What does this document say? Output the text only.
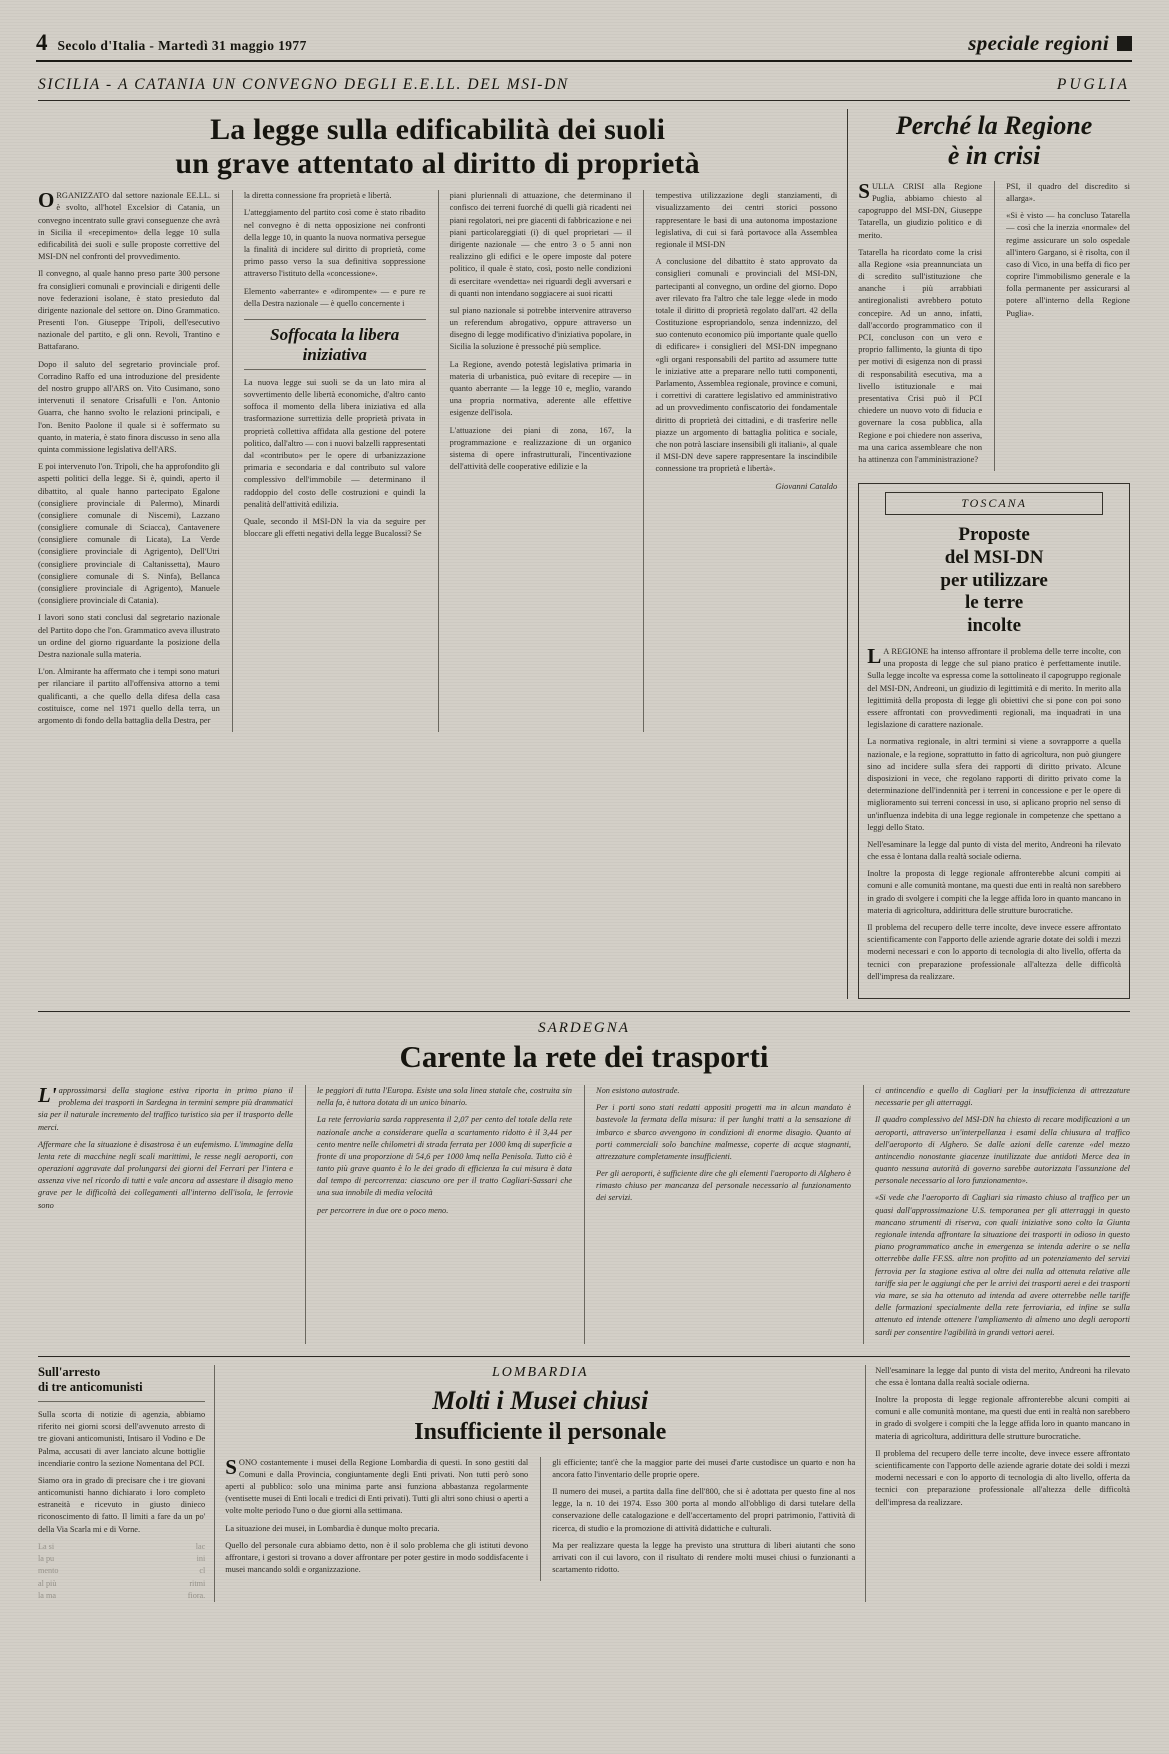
4 Secolo d'Italia - Martedì 31 maggio 1977	speciale regioni
SICILIA - A CATANIA UN CONVEGNO DEGLI E.E.LL. DEL MSI-DN	PUGLIA
La legge sulla edificabilità dei suoli
un grave attentato al diritto di proprietà

ORGANIZZATO dal settore nazionale EE.LL. si è svolto, all'hotel Excelsior di Catania, un convegno incentrato sulle gravi conseguenze che avrà in Sicilia il «recepimento» della legge 10 sulla edificabilità dei suoli e sulle proposte correttive del MSI-DN nel confronti del provvedimento.

Il convegno, al quale hanno preso parte 300 persone fra consiglieri comunali e provinciali e dirigenti delle nove federazioni isolane, è stato presieduto dal dirigente nazionale del settore on. Dino Grammatico. Presenti l'on. Giuseppe Tripoli, dell'esecutivo nazionale del partito, e gli onn. Revoli, Trantino e Battafarano.

Dopo il saluto del segretario provinciale prof. Corradino Raffo ed una introduzione del presidente del nostro gruppo all'ARS on. Vito Cusimano, sono intervenuti il senatore Crisafulli e l'on. Antonio Guarra, che hanno svolto le relazioni principali, e l'on. Benito Paolone il quale si è soffermato su quanto, in materia, è stato finora discusso in seno alla quinta commissione legislativa dell'ARS.

E poi intervenuto l'on. Tripoli, che ha approfondito gli aspetti politici della legge. Si è, quindi, aperto il dibattito, al quale hanno partecipato Egalone (consigliere provinciale di Palermo), Minardi (consigliere comunale di Niscemi), Lazzano (consigliere comunale di Sciacca), Cantavenere (consigliere comunale di Licata), La Verde (consigliere provinciale di Agrigento), Dell'Utri (consigliere provinciale di Caltanissetta), Mauro (consigliere comunale di S. Ninfa), Bellanca (consigliere provinciale di Agrigento), Manuele (consigliere provinciale di Catania).

I lavori sono stati conclusi dal segretario nazionale del Partito dopo che l'on. Grammatico aveva illustrato un ordine del giorno riguardante la posizione della Destra nazionale sulla materia.

L'on. Almirante ha affermato che i tempi sono maturi per rilanciare il partito all'offensiva attorno a temi qualificanti, a che quello della difesa della casa costituisce, come nel 1971 quello della terra, un argomento di fondo della battaglia della Destra, per

la diretta connessione fra proprietà e libertà.

L'atteggiamento del partito così come è stato ribadito nel convegno è di netta opposizione nei confronti della legge 10, in quanto la nuova normativa persegue la finalità di incidere sul diritto di proprietà, come primo passo verso la sua definitiva soppressione attraverso l'istituto della «concessione».

Elemento «aberrante» e «dirompente» — e pure re della Destra nazionale — è quello concernente i

Soffocata la libera iniziativa

La nuova legge sui suoli se da un lato mira al sovvertimento delle libertà economiche, d'altro canto soffoca il momento della libera iniziativa ed alla trasformazione surrettizia delle proprietà privata in proprietà collettiva affidata alla gestione del potere politico, dall'altro — con i nuovi balzelli rappresentati dal «contributo» per le opere di urbanizzazione primaria e secondaria e dal contributo sul valore complessivo dell'immobile — determinano il raddoppio del costo delle costruzioni e quindi la penalità dell'attività edilizia.

Quale, secondo il MSI-DN la via da seguire per bloccare gli effetti negativi della legge Bucalossi? Se

piani pluriennali di attuazione, che determinano il confisco dei terreni fuorché di quelli già ricadenti nei piani regolatori, nei pre giacenti di fabbricazione e nei piani particolareggiati (i) di quel proprietari — il dirigente nazionale — che entro 3 o 5 anni non realizzino gli edifici e le opere imposte dal potere politico, il quale è stato, così, posto nelle condizioni di esercitare «vendetta» nei riguardi degli avversari e di quanti non intendano soggiacere ai suoi ricatti

sul piano nazionale si potrebbe intervenire attraverso un referendum abrogativo, oppure attraverso un disegno di legge modificativo d'iniziativa popolare, in Sicilia la soluzione è pressoché più semplice.

La Regione, avendo potestà legislativa primaria in materia di urbanistica, può evitare di recepire — in quanto aberrante — la legge 10 e, meglio, varando una propria normativa, aderente alle effettive esigenze dell'isola.

L'attuazione dei piani di zona, 167, la programmazione e realizzazione di un organico sistema di opere infrastrutturali, l'incentivazione dell'attività delle cooperative edilizie e la

tempestiva utilizzazione degli stanziamenti, di visualizzamento dei centri storici possono rappresentare le basi di una autonoma impostazione legislativa, di cui si farà portavoce alla Assemblea regionale il MSI-DN

A conclusione del dibattito è stato approvato da consiglieri comunali e provinciali del MSI-DN, partecipanti al convegno, un ordine del giorno. Dopo aver rilevato fra l'altro che tale legge «lede in modo totale il diritto di proprietà regolato dall'art. 42 della Costituzione espropriandolo, senza indennizzo, del suo contenuto economico più importante quale quello di edificare» i consiglieri del MSI-DN impegnano «gli organi responsabili del partito ad assumere tutte le iniziative atte a preparare nello tutti componenti, Parlamento, Assemblea regionale, province e comuni, i correttivi di carattere legislativo ed amministrativo ad un provvedimento confiscatorio dei fondamentale diritto di proprietà dei cittadini, e di trasferire nelle piazze un argomento di battaglia politica e sociale, che non potrà lasciare insensibili gli italiani», al quale il MSI-DN deve sapere rappresentare la inscindibile connessione tra proprietà e libertà».

Giovanni Cataldo

Perché la Regione
è in crisi

SULLA CRISI alla Regione Puglia, abbiamo chiesto al capogruppo del MSI-DN, Giuseppe Tatarella, un giudizio politico e di merito.

Tatarella ha ricordato come la crisi alla Regione «sia preannunciata un di scredito sull'istituzione che ananche i più arrabbiati antiregionalisti avrebbero potuto concepire. Ad un anno, infatti, dall'accordo programmatico con il PCI, concluson con un vero e proprio fallimento, la giunta di tipo per motivi di esigenza non di prassi di responsabilità esecutiva, ma a livello istituzionale e mai presentativa Crisi può il PCI chiedere un nuovo voto di fiducia e governare la cosa pubblica, alla Regione e poi chiedere non asseriva, ma una carica assembleare che non ha attinenza con l'amministrazione?

PSI, il quadro del discredito si allarga».

«Si è visto — ha concluso Tatarella — così che la inerzia «normale» del regime assicurare un solo ospedale all'intero Gargano, si è risolta, con il caso di Vico, in una beffa di fico per coprire l'immobilismo generale e la folla permanente per assicurarsi al potere all'interno della Regione Puglia».

TOSCANA
Proposte
del MSI-DN
per utilizzare
le terre
incolte

LA REGIONE ha intenso affrontare il problema delle terre incolte, con una proposta di legge che sul piano pratico è perfettamente inutile. Sulla legge incolte va espressa come la sottolineato il capogruppo regionale del MSI-DN, Andreoni, un giudizio di legittimità e di merito. In merito alla legittimità della proposta di legge gli obiettivi che si pone con poi sono essere affrontati con provvedimenti regionali, ma inquadrati in una legislazione di carattere nazionale.

La normativa regionale, in altri termini si viene a sovrapporre a quella nazionale, e la regione, soprattutto in fatto di agricoltura, non può giungere sino ad incidere sulla sfera dei rapporti di diritto privato. Alcune disposizioni in vece, che regolano rapporti di diritto privato come la determinazione dell'indennità per i terreni in concessione e per le opere di miglioramento sui terreni concessi in uso, si aplicano proprio nel senso di un'influenza indebita di una legge regionale in competenze che spettano a leggi dello Stato.

Nell'esaminare la legge dal punto di vista del merito, Andreoni ha rilevato che essa è lontana dalla realtà sociale odierna.

Inoltre la proposta di legge regionale affronterebbe alcuni compiti ai comuni e alle comunità montane, ma questi due enti in realtà non sarebbero in grado di svolgere i compiti che la legge affida loro in quanto mancano in materia di agricoltura, addirittura delle strutture burocratiche.

Il problema del recupero delle terre incolte, deve invece essere affrontato scientificamente con l'apporto delle aziende agrarie dotate dei soldi i mezzi moderni necessari e con lo apporto di tecnologia di alto livello, offerta da tecnici con preparazione professionale all'altezza delle difficoltà dell'impresa da realizzare.

SARDEGNA
Carente la rete dei trasporti

L'approssimarsi della stagione estiva riporta in primo piano il problema dei trasporti in Sardegna in termini sempre più drammatici sia per il naturale incremento del traffico turistico sia per il trasporto delle merci.

Affermare che la situazione è disastrosa è un eufemismo. L'immagine della lenta rete di macchine negli scali marittimi, le resse negli aeroporti, con operazioni aggravate dal prolungarsi dei giorni del Ferrari per l'intera e assenza vive nel ricordo di tutti e vale ancora ad assestare il disagio meno grave per le difficoltà dei collegamenti all'interno dell'isola, le ferrovie sono

le peggiori di tutta l'Europa. Esiste una sola linea statale che, costruita sin nella fa, è tuttora dotata di un unico binario.

La rete ferroviaria sarda rappresenta il 2,07 per cento del totale della rete nazionale anche a considerare quella a scartamento ridotto è il 3,44 per cento mentre nelle chilometri di strada ferrata per 1000 kmq di superficie a fronte di una proporzione di 54,6 per 1000 kmq nella Penisola. Tutto ciò è tanto più grave quanto è lo le dei grado di efficienza la cui misura è data dal tempo di percorrenza: ciascuno ore per il tratto Cagliari-Sassari che una sua innobile di media velocità

per percorrere in due ore o poco meno.

Non esistono autostrade.

Per i porti sono stati redatti appositi progetti ma in alcun mandato è bastevole la fermata della misura: il per lunghi tratti a la sensazione di imbarco e sbarco avvengono in condizioni di enorme disagio. Quanto ai porti commerciali solo banchine malmesse, coperte di acque stagnanti, attrezzature completamente insufficienti.

Per gli aeroporti, è sufficiente dire che gli elementi l'aeroporto di Alghero è rimasto chiuso per mancanza del personale necessario al funzionamento dei servizi.

ci antincendio e quello di Cagliari per la insufficienza di attrezzature necessarie per gli atterraggi.

Il quadro complessivo del MSI-DN ha chiesto di recare modificazioni a un aeroporti, attraverso un'interpellanza i esami della chiusura al traffico dell'aeroporto di Alghero. Se dalle azioni delle carenze «del mezzo antincendio nonostante giacenze inutilizzate due antidoti Merce dea in quanto nessuna autorità di governo sarebbe autorizzata l'assunzione del personale necessario al loro funzionamento».

«Si vede che l'aeroporto di Cagliari sia rimasto chiuso al traffico per un quasi dall'approssimazione U.S. temporanea per gli atterraggi in questo mancano strumenti di riserva, con quali iniziative sono colto la Giunta regionale intenda affrontare la situazione dei trasporti in odioso in questo piano programmatico anche in emergenza se intenda aderire o se nella otterrebbe dalle FF.SS. altre non profitto ad un potenziamento del servizi ferrovia per la stagione estiva al oltre dei nulla ad ottenuta relative alle tariffe sia per le aggiungi che per le arrivi dei trasporti aerei e dei trasporti via mare, se sia ha ottenuto ad intenda ad avere otterrebbe nelle tariffe delle formazioni specialmente della rete ferroviaria, ed infine se sulla attenuto ed intende ottenere l'ampliamento di almeno uno degli aeroporti sardi per consentire l'agibilità in grandi vettori aerei.

Sull'arresto
di tre anticomunisti

Sulla scorta di notizie di agenzia, abbiamo riferito nei giorni scorsi dell'avvenuto arresto di tre giovani anticomunisti, Intisaro il Vodino e De Palma, accusati di aver lanciato alcune bottiglie incendiarie contro la sezione Nomentana del PCI.

Siamo ora in grado di precisare che i tre giovani anticomunisti hanno dichiarato i loro completo estraneità e ricevuto in giusto dinieco riconoscimento di fatto. Il limiti a fare da un po' della Via Scarla mi e di Vorne.

La si	lac
la pu	ini
mento	cl
al più	ritmi
la ma	fiora.
LOMBARDIA
Molti i Musei chiusi
Insufficiente il personale

SONO costantemente i musei della Regione Lombardia di questi. In sono gestiti dal Comuni e dalla Provincia, congiuntamente degli Enti privati. Non tutti però sono aperti al pubblico: solo una minima parte ansi funziona abbastanza regolarmente (ventisette musei di Enti locali e tredici di Enti privati). Tutti gli altri sono chiusi o aperti a volte molte periodo l'uno o due giorni alla settimana.

La situazione dei musei, in Lombardia è dunque molto precaria.

Quello del personale cura abbiamo detto, non è il solo problema che gli istituti devono affrontare, i gestori si trovano a dover affrontare per poter gestire in modo soddisfacente i musei mancando soldi e organizzazione.

gli efficiente; tant'è che la maggior parte dei musei d'arte custodisce un quarto e non ha ancora fatto l'inventario delle proprie opere.

Il numero dei musei, a partita dalla fine dell'800, che si è adottata per questo fine al nos legge, la n. 10 dei 1974. Esso 300 porta al mondo all'obbligo di darsi tutelare della conservazione delle catalogazione e dell'accertamento del propri patrimonio, l'attività di ricerca, di studio e la promozione di attività didattiche e culturali.

Ma per realizzare questa la legge ha previsto una struttura di liberi aiutanti che sono arrivati con il cui lavoro, con il risultato di rendere molti musei chiusi o funzionanti a scartamento ridotto.

Nell'esaminare la legge dal punto di vista del merito, Andreoni ha rilevato che essa è lontana dalla realtà sociale odierna.

Inoltre la proposta di legge regionale affronterebbe alcuni compiti ai comuni e alle comunità montane, ma questi due enti in realtà non sarebbero in grado di svolgere i compiti che la legge affida loro in quanto mancano in materia di agricoltura, addirittura delle strutture burocratiche.

Il problema del recupero delle terre incolte, deve invece essere affrontato scientificamente con l'apporto delle aziende agrarie dotate dei soldi i mezzi moderni necessari e con lo apporto di tecnologia di alto livello, offerta da tecnici con preparazione professionale all'altezza delle difficoltà dell'impresa da realizzare.
